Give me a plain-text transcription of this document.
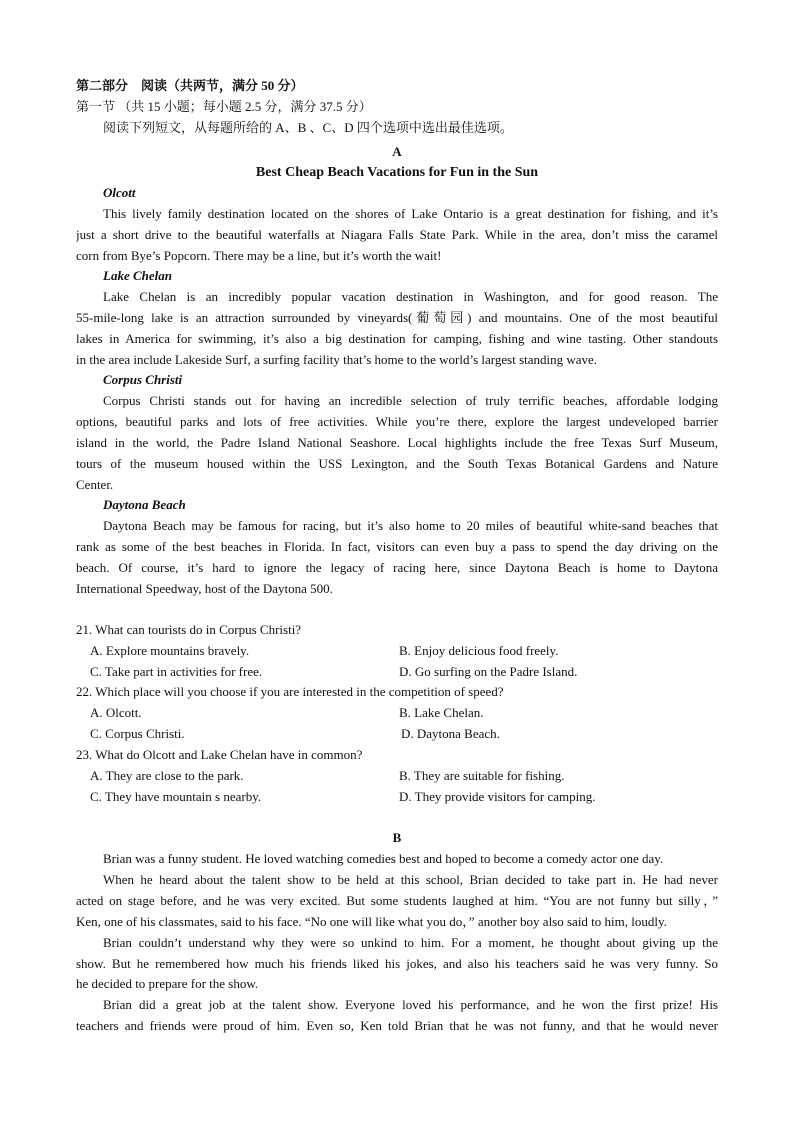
第二部分　阅读（共两节，满分 50 分）
第一节 （共 15 小题；每小题 2.5 分，满分 37.5 分）
阅读下列短文，从每题所给的 A、B 、C、D 四个选项中选出最佳选项。
A
Best Cheap Beach Vacations for Fun in the Sun
Olcott
This lively family destination located on the shores of Lake Ontario is a great destination for fishing, and it’s
just a short drive to the beautiful waterfalls at Niagara Falls State Park. While in the area, don’t miss the caramel
corn from Bye’s Popcorn. There may be a line, but it’s worth the wait!
Lake Chelan
Lake Chelan is an incredibly popular vacation destination in Washington, and for good reason. The
55-mile-long lake is an attraction surrounded by vineyards(葡萄园) and mountains. One of the most beautiful
lakes in America for swimming, it’s also a big destination for camping, fishing and wine tasting. Other standouts
in the area include Lakeside Surf, a surfing facility that’s home to the world’s largest standing wave.
Corpus Christi
Corpus Christi stands out for having an incredible selection of truly terrific beaches, affordable lodging
options, beautiful parks and lots of free activities. While you’re there, explore the largest undeveloped barrier
island in the world, the Padre Island National Seashore. Local highlights include the free Texas Surf Museum,
tours of the museum housed within the USS Lexington, and the South Texas Botanical Gardens and Nature
Center.
Daytona Beach
Daytona Beach may be famous for racing, but it’s also home to 20 miles of beautiful white-sand beaches that
rank as some of the best beaches in Florida. In fact, visitors can even buy a pass to spend the day driving on the
beach. Of course, it’s hard to ignore the legacy of racing here, since Daytona Beach is home to Daytona
International Speedway, host of the Daytona 500.
21. What can tourists do in Corpus Christi?
A. Explore mountains bravely.	B. Enjoy delicious food freely.
C. Take part in activities for free.	D. Go surfing on the Padre Island.
22. Which place will you choose if you are interested in the competition of speed?
A. Olcott.	B. Lake Chelan.
C. Corpus Christi.	D. Daytona Beach.
23. What do Olcott and Lake Chelan have in common?
A. They are close to the park.	B. They are suitable for fishing.
C. They have mountain s nearby.	D. They provide visitors for camping.
B
Brian was a funny student. He loved watching comedies best and hoped to become a comedy actor one day.
When he heard about the talent show to be held at this school, Brian decided to take part in. He had never
acted on stage before, and he was very excited. But some students laughed at him. “You are not funny but silly，”
Ken, one of his classmates, said to his face. “No one will like what you do，” another boy also said to him, loudly.
Brian couldn’t understand why they were so unkind to him. For a moment, he thought about giving up the
show. But he remembered how much his friends liked his jokes, and also his teachers said he was very funny. So
he decided to prepare for the show.
Brian did a great job at the talent show. Everyone loved his performance, and he won the first prize! His
teachers and friends were proud of him. Even so, Ken told Brian that he was not funny, and that he would never
